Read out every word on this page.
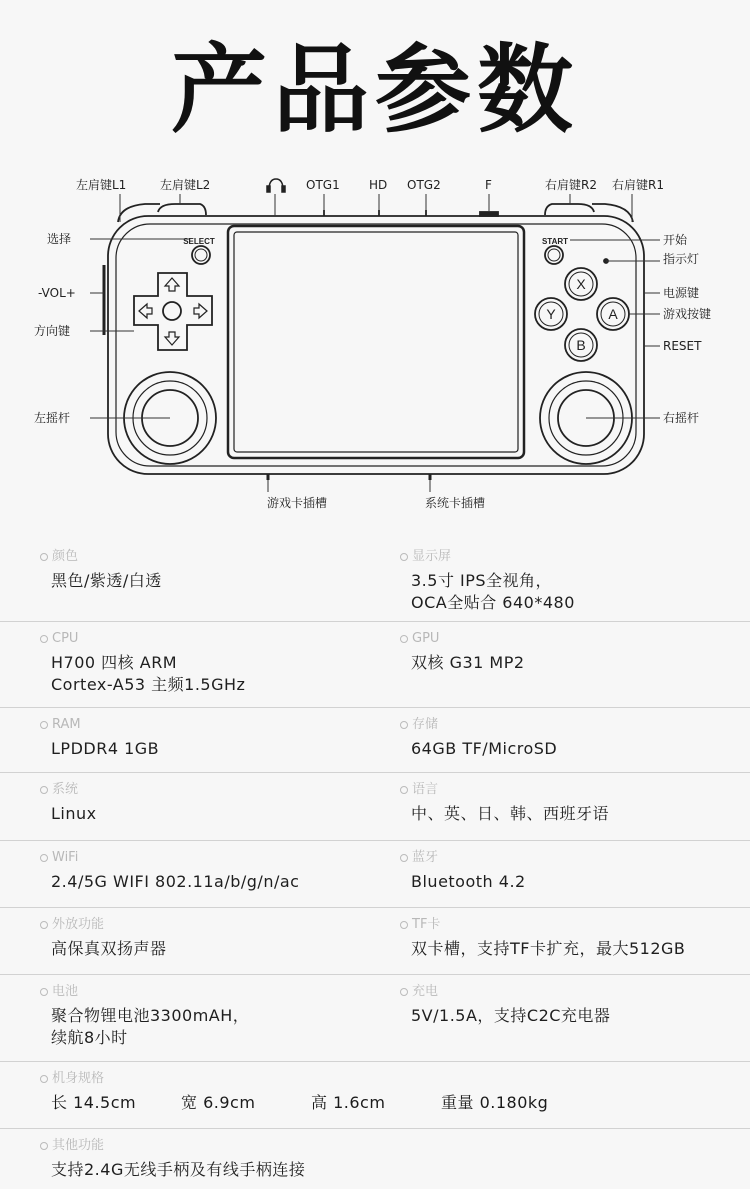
产品参数
SELECT	START
X
Y	A
B
左肩键L1	左肩键L2	OTG1 HD OTG2	F	右肩键R2 右肩键R1
选择
-VOL+
方向键
左摇杆
开始
指示灯
电源键
游戏按键
RESET
右摇杆
游戏卡插槽	系统卡插槽
颜色
黑色/紫透/白透
显示屏
3.5寸 IPS全视角，
OCA全贴合 640*480
CPU
H700 四核 ARM
Cortex-A53 主频1.5GHz
GPU
双核 G31 MP2
RAM
LPDDR4 1GB
存储
64GB TF/MicroSD
系统
Linux
语言
中、英、日、韩、西班牙语
WiFi
2.4/5G WIFI 802.11a/b/g/n/ac
蓝牙
Bluetooth 4.2
外放功能
高保真双扬声器
TF卡
双卡槽，支持TF卡扩充，最大512GB
电池
聚合物锂电池3300mAH，
续航8小时
充电
5V/1.5A，支持C2C充电器
机身规格
长 14.5cm	宽 6.9cm	高 1.6cm	重量 0.180kg
其他功能
支持2.4G无线手柄及有线手柄连接
